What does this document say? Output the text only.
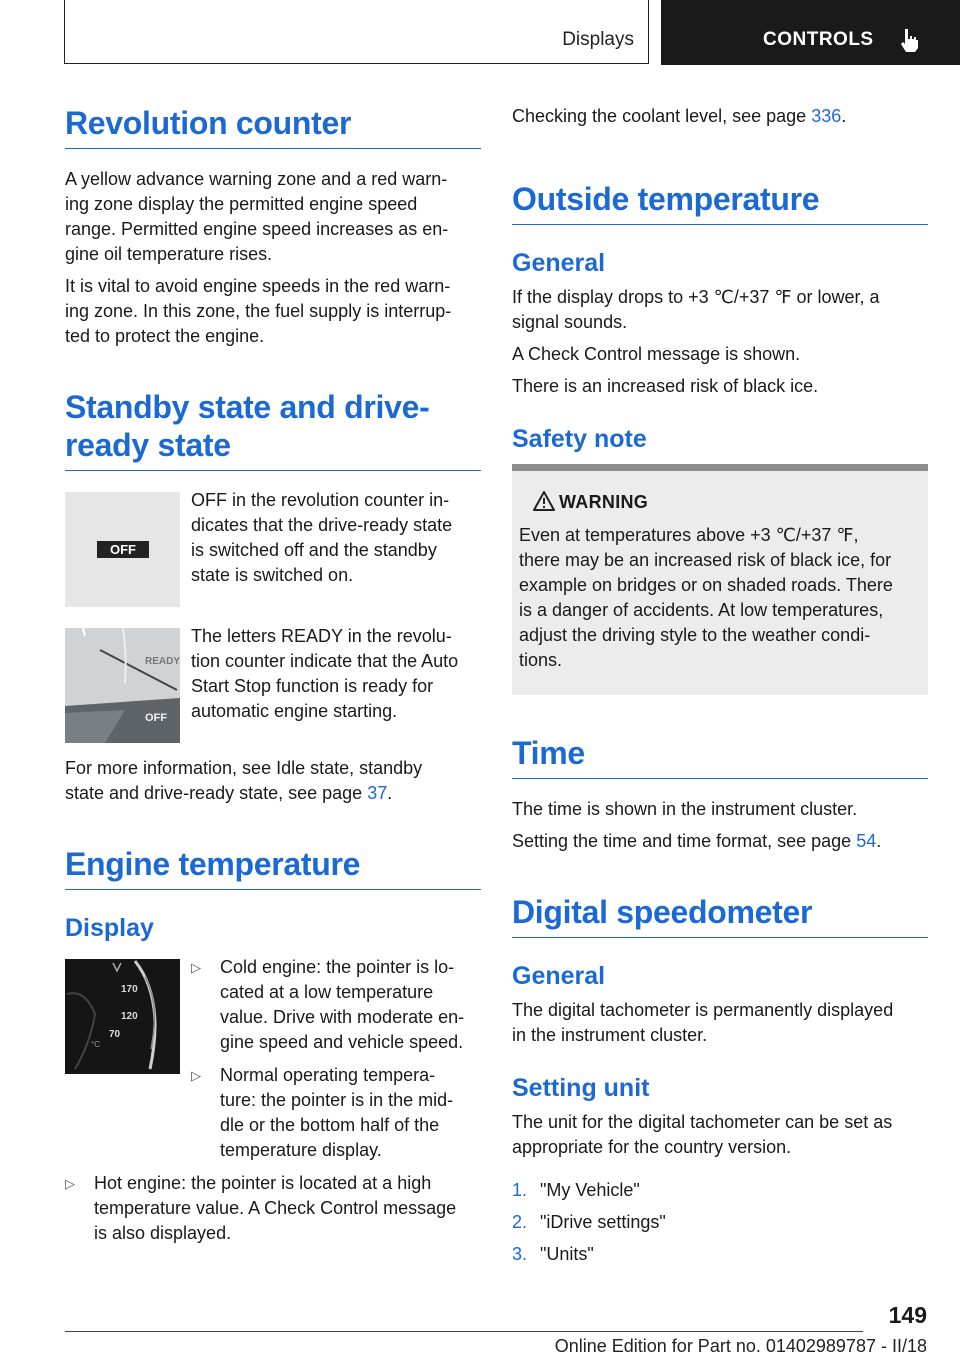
Displays	CONTROLS
Revolution counter

A yellow advance warning zone and a red warn‐

ing zone display the permitted engine speed

range. Permitted engine speed increases as en‐

gine oil temperature rises.

It is vital to avoid engine speeds in the red warn‐

ing zone. In this zone, the fuel supply is interrup‐

ted to protect the engine.

Standby state and drive-
ready state
OFF
OFF in the revolution counter in‐
dicates that the drive-ready state
is switched off and the standby
state is switched on.
READY
OFF
The letters READY in the revolu‐
tion counter indicate that the Auto
Start Stop function is ready for
automatic engine starting.

For more information, see Idle state, standby

state and drive-ready state, see page 37.

Engine temperature
Display
170
120
70
°C
▷ Cold engine: the pointer is lo‐
cated at a low temperature
value. Drive with moderate en‐
gine speed and vehicle speed.
▷ Normal operating tempera‐
ture: the pointer is in the mid‐
dle or the bottom half of the
temperature display.
▷ Hot engine: the pointer is located at a high
temperature value. A Check Control message
is also displayed.

Checking the coolant level, see page 336.

Outside temperature
General

If the display drops to +3 ℃/+37 ℉ or lower, a

signal sounds.

A Check Control message is shown.

There is an increased risk of black ice.

Safety note
WARNING
Even at temperatures above +3 ℃/+37 ℉,
there may be an increased risk of black ice, for
example on bridges or on shaded roads. There
is a danger of accidents. At low temperatures,
adjust the driving style to the weather condi‐
tions.
Time

The time is shown in the instrument cluster.

Setting the time and time format, see page 54.

Digital speedometer
General

The digital tachometer is permanently displayed

in the instrument cluster.

Setting unit

The unit for the digital tachometer can be set as

appropriate for the country version.

1. "My Vehicle"
2. "iDrive settings"
3. "Units"
149
Online Edition for Part no. 01402989787 - II/18
